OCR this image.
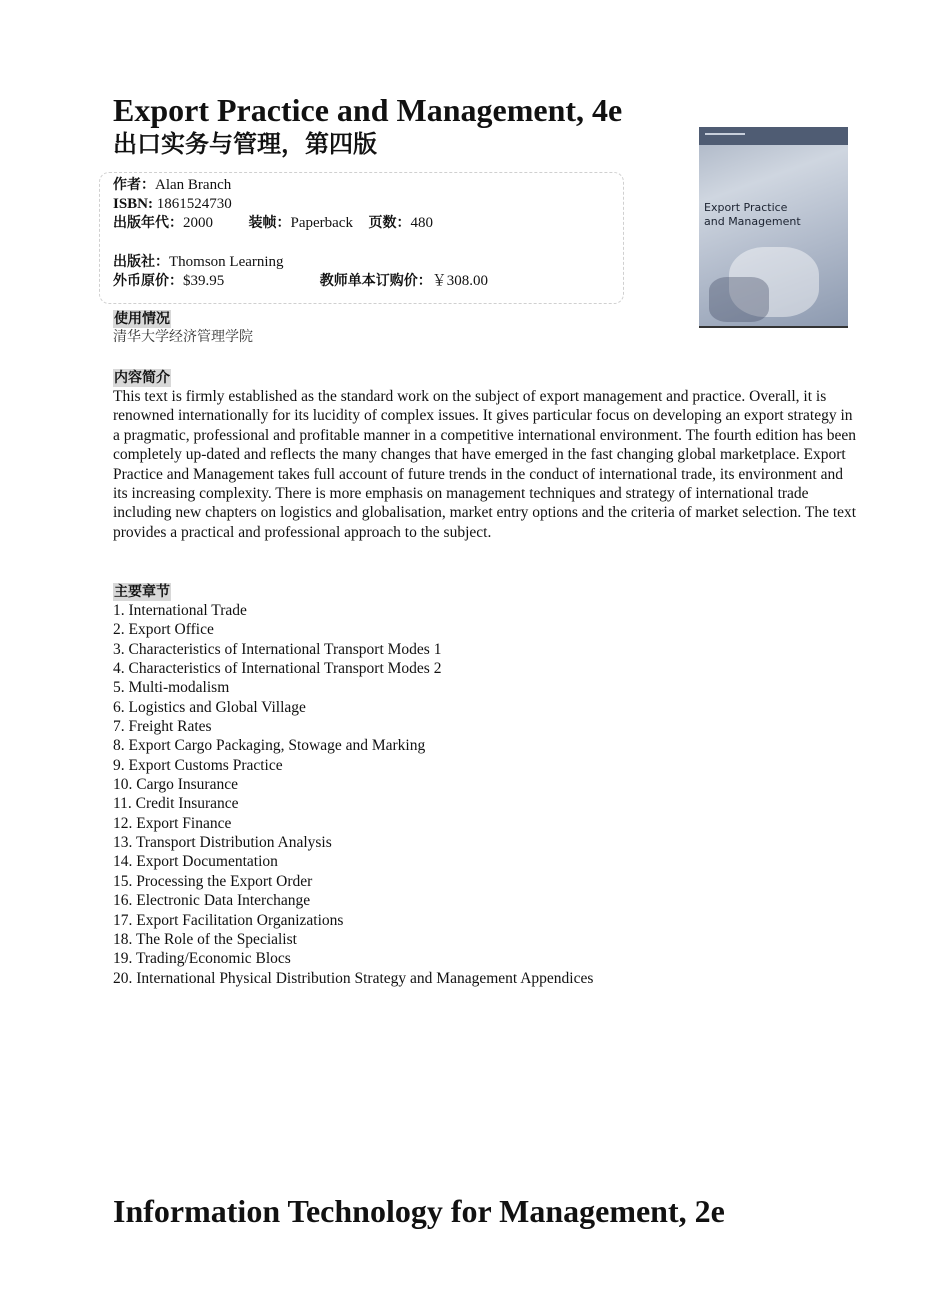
Export Practice and Management, 4e
出口实务与管理，第四版
作者：Alan Branch
ISBN: 1861524730
出版年代：2000	装帧：Paperback 页数：480
出版社：Thomson Learning
外币原价：$39.95	教师单本订购价：￥308.00
Export Practice
and Management
使用情况
清华大学经济管理学院
内容简介

This text is firmly established as the standard work on the subject of export management and practice. Overall, it is renowned internationally for its lucidity of complex issues. It gives particular focus on developing an export strategy in a pragmatic, professional and profitable manner in a competitive international environment. The fourth edition has been completely up-dated and reflects the many changes that have emerged in the fast changing global marketplace. Export Practice and Management takes full account of future trends in the conduct of international trade, its environment and its increasing complexity. There is more emphasis on management techniques and strategy of international trade including new chapters on logistics and globalisation, market entry options and the criteria of market selection. The text provides a practical and professional approach to the subject.

主要章节
1. International Trade
2. Export Office
3. Characteristics of International Transport Modes 1
4. Characteristics of International Transport Modes 2
5. Multi-modalism
6. Logistics and Global Village
7. Freight Rates
8. Export Cargo Packaging, Stowage and Marking
9. Export Customs Practice
10. Cargo Insurance
11. Credit Insurance
12. Export Finance
13. Transport Distribution Analysis
14. Export Documentation
15. Processing the Export Order
16. Electronic Data Interchange
17. Export Facilitation Organizations
18. The Role of the Specialist
19. Trading/Economic Blocs
20. International Physical Distribution Strategy and Management Appendices
Information Technology for Management, 2e
